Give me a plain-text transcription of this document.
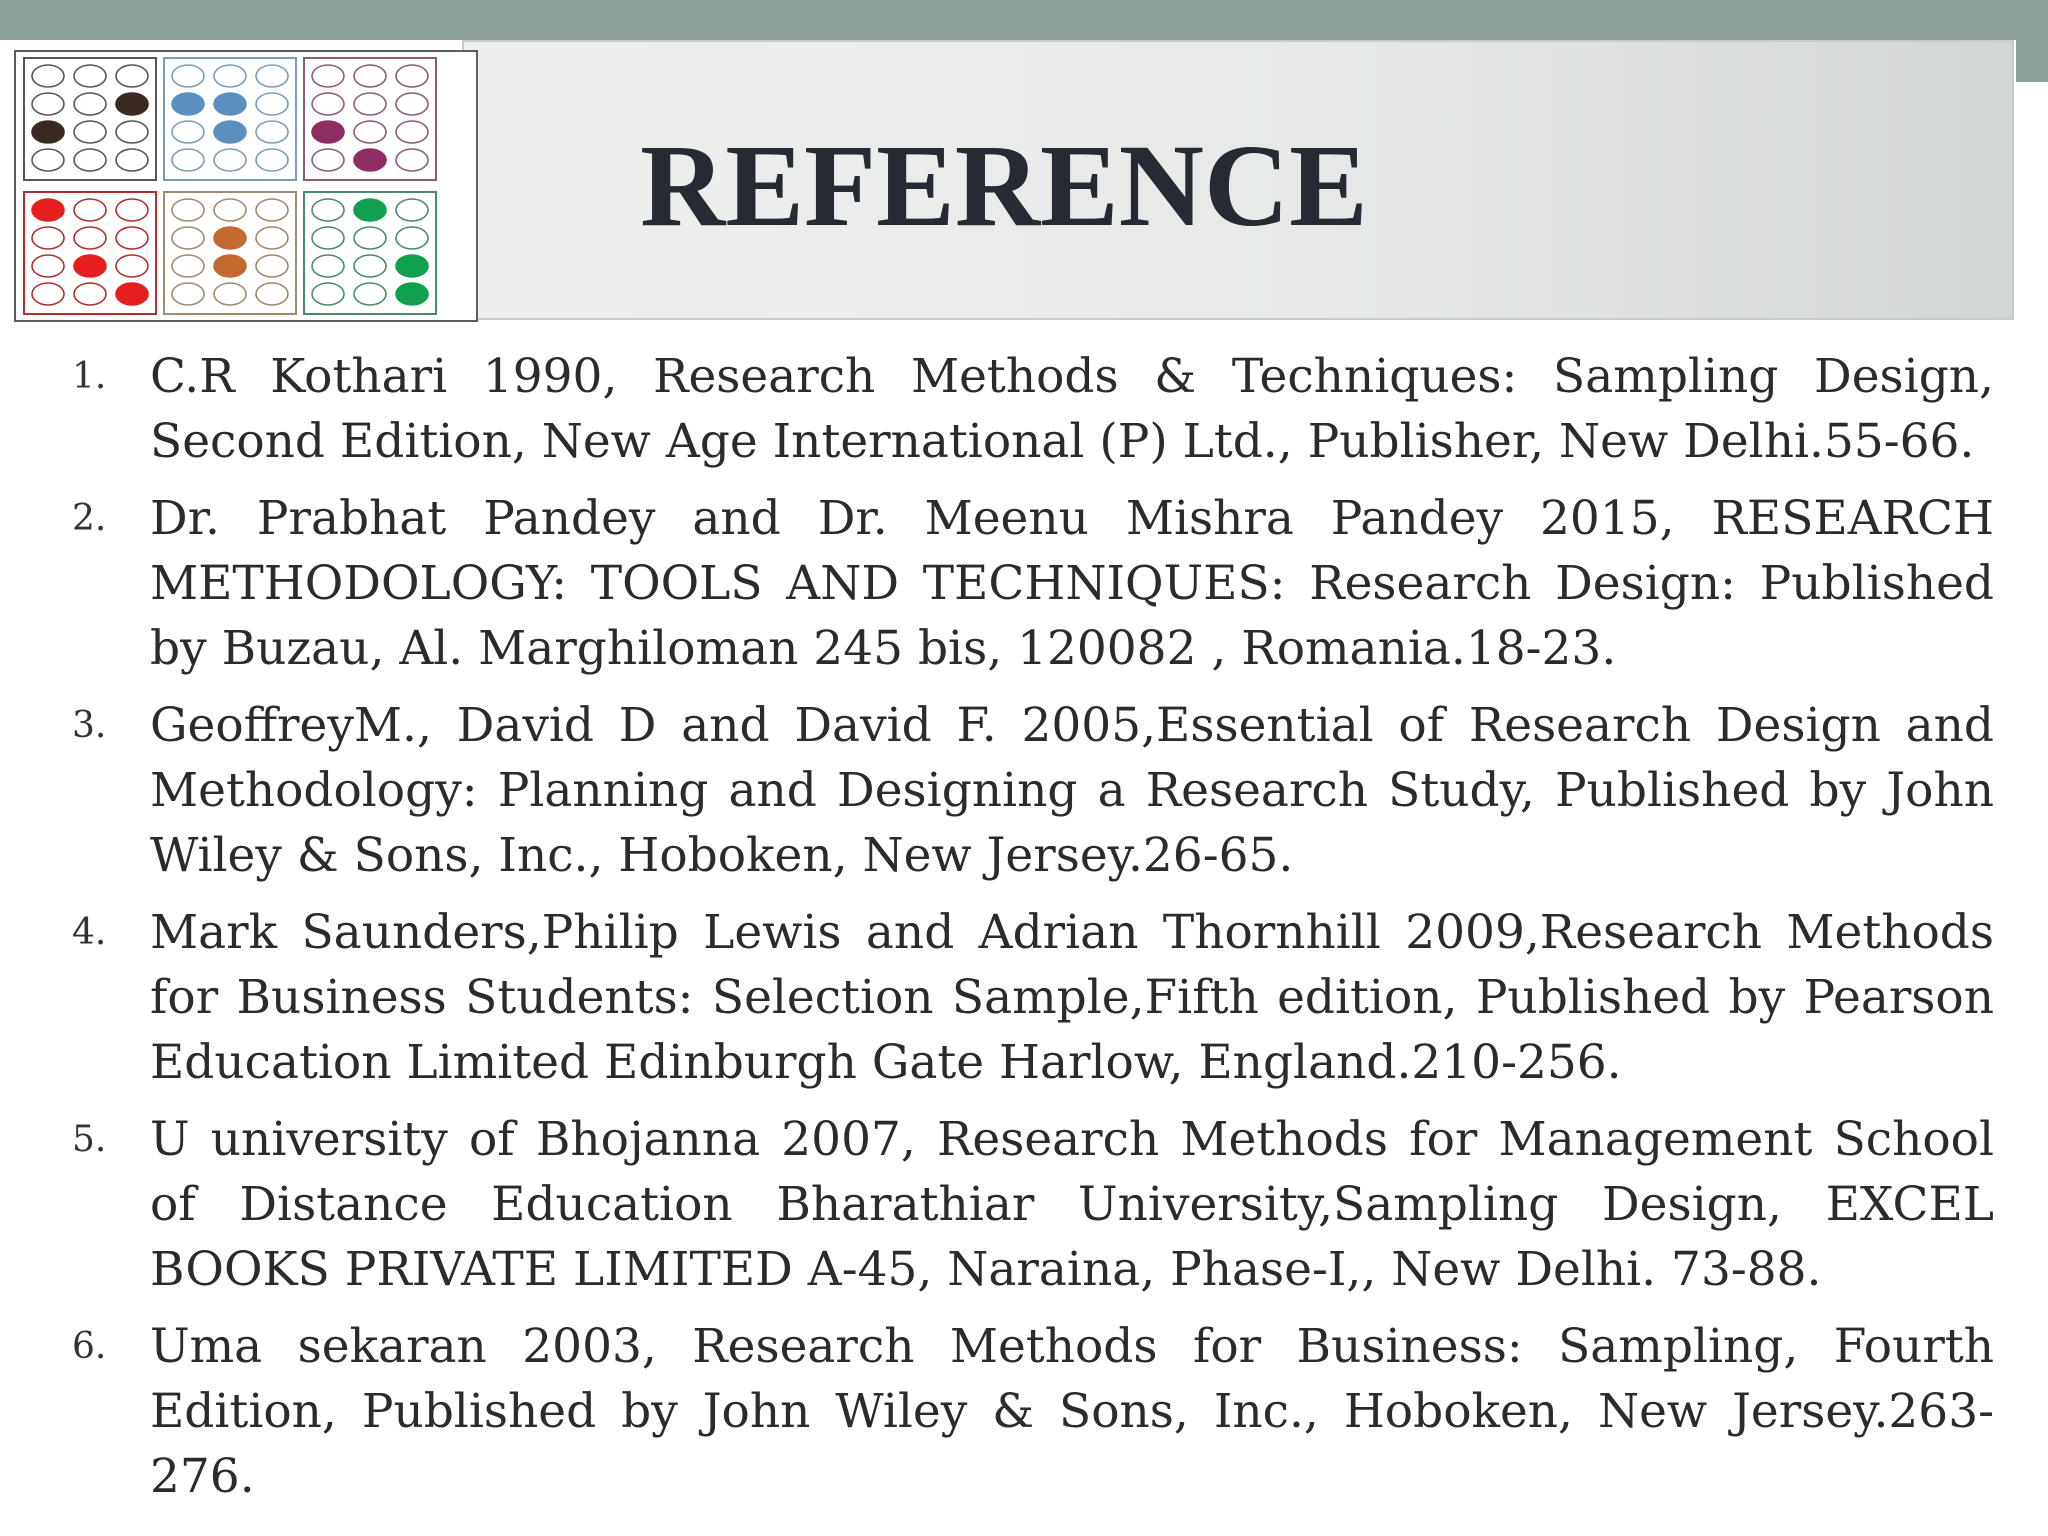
REFERENCE
1. C.R Kothari 1990, Research Methods & Techniques: Sampling Design, Second Edition, New Age International (P) Ltd., Publisher, New Delhi.55-66.
2. Dr. Prabhat Pandey and Dr. Meenu Mishra Pandey 2015, RESEARCH METHODOLOGY: TOOLS AND TECHNIQUES: Research Design: Published by Buzau, Al. Marghiloman 245 bis, 120082 , Romania.18-23.
3. GeoffreyM., David D and David F. 2005,Essential of Research Design and Methodology: Planning and Designing a Research Study, Published by John Wiley & Sons, Inc., Hoboken, New Jersey.26-65.
4. Mark Saunders,Philip Lewis and Adrian Thornhill 2009,Research Methods for Business Students: Selection Sample,Fifth edition, Published by Pearson Education Limited Edinburgh Gate Harlow, England.210-256.
5. U university of Bhojanna 2007, Research Methods for Management School of Distance Education Bharathiar University,Sampling Design, EXCEL BOOKS PRIVATE LIMITED A-45, Naraina, Phase-I,, New Delhi. 73-88.
6. Uma sekaran 2003, Research Methods for Business: Sampling, Fourth Edition, Published by John Wiley & Sons, Inc., Hoboken, New Jersey.263-276.
